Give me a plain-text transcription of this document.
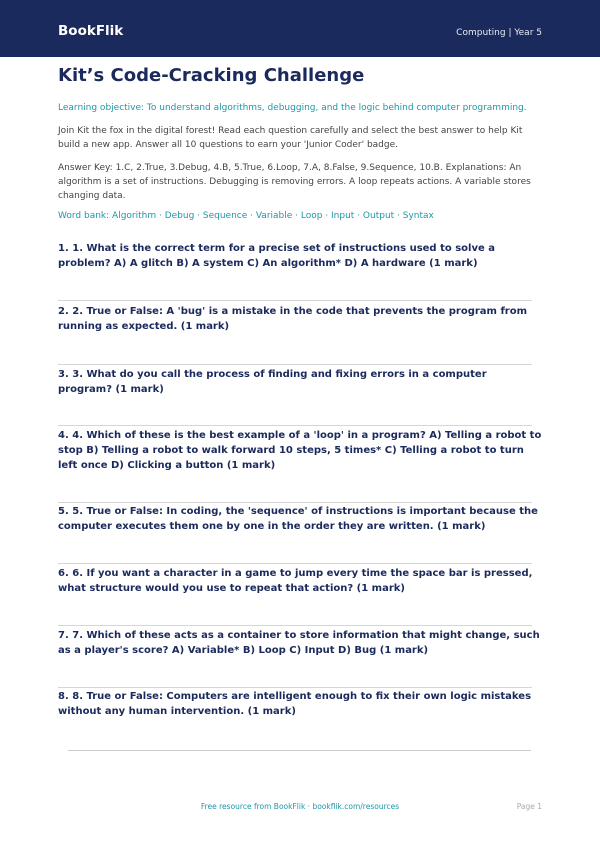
BookFlik	Computing | Year 5
Kit’s Code-Cracking Challenge
Learning objective: To understand algorithms, debugging, and the logic behind computer programming.
Join Kit the fox in the digital forest! Read each question carefully and select the best answer to help Kit build a new app. Answer all 10 questions to earn your 'Junior Coder' badge.
Answer Key: 1.C, 2.True, 3.Debug, 4.B, 5.True, 6.Loop, 7.A, 8.False, 9.Sequence, 10.B. Explanations: An algorithm is a set of instructions. Debugging is removing errors. A loop repeats actions. A variable stores changing data.
Word bank: Algorithm · Debug · Sequence · Variable · Loop · Input · Output · Syntax
1. 1. What is the correct term for a precise set of instructions used to solve a problem? A) A glitch B) A system C) An algorithm* D) A hardware (1 mark)
2. 2. True or False: A 'bug' is a mistake in the code that prevents the program from running as expected. (1 mark)
3. 3. What do you call the process of finding and fixing errors in a computer program? (1 mark)
4. 4. Which of these is the best example of a 'loop' in a program? A) Telling a robot to stop B) Telling a robot to walk forward 10 steps, 5 times* C) Telling a robot to turn left once D) Clicking a button (1 mark)
5. 5. True or False: In coding, the 'sequence' of instructions is important because the computer executes them one by one in the order they are written. (1 mark)
6. 6. If you want a character in a game to jump every time the space bar is pressed, what structure would you use to repeat that action? (1 mark)
7. 7. Which of these acts as a container to store information that might change, such as a player's score? A) Variable* B) Loop C) Input D) Bug (1 mark)
8. 8. True or False: Computers are intelligent enough to fix their own logic mistakes without any human intervention. (1 mark)
Free resource from BookFlik · bookflik.com/resources	Page 1
